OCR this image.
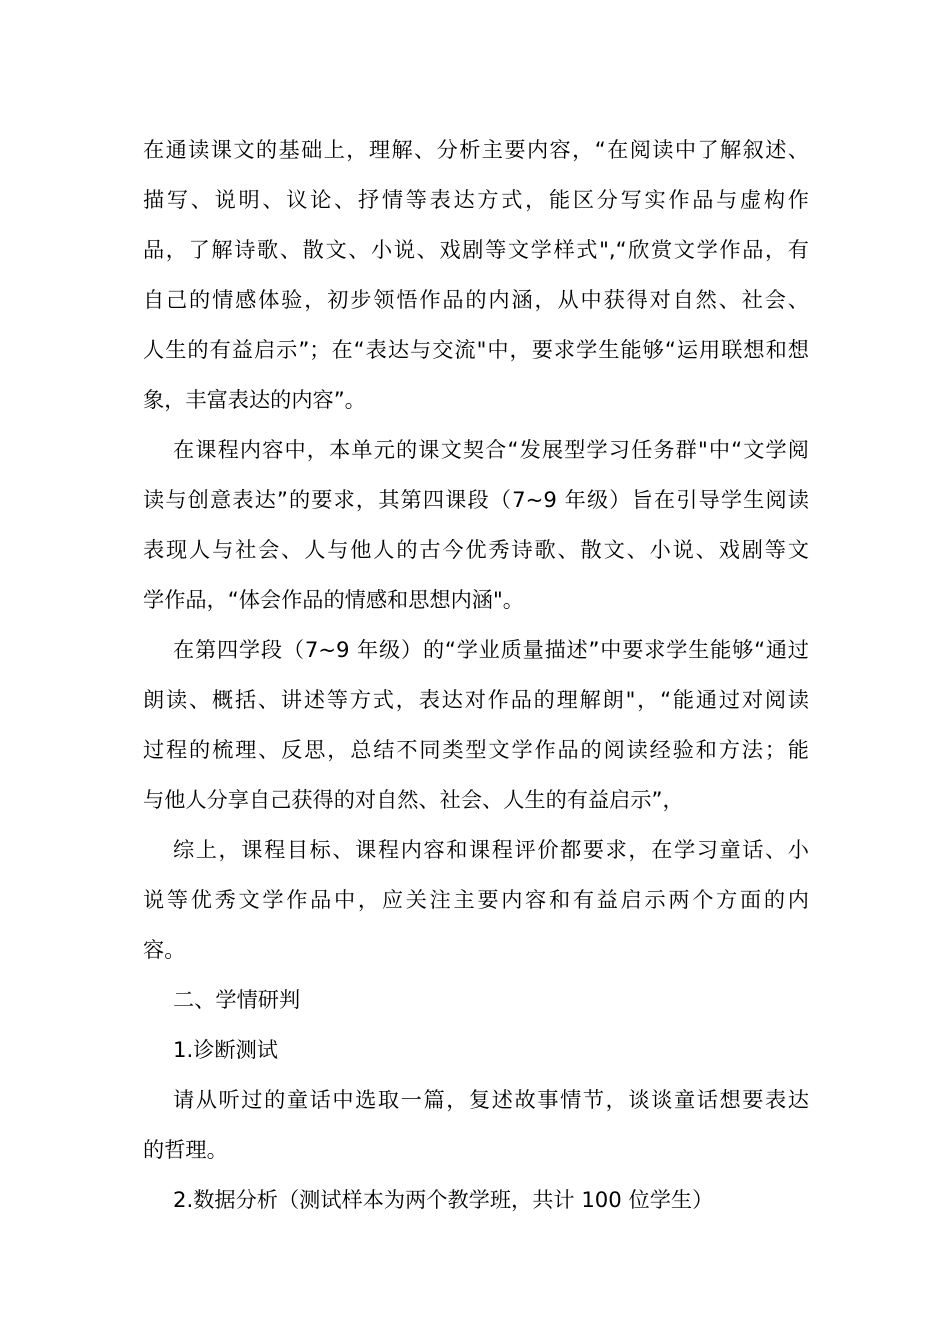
在通读课文的基础上，理解、分析主要内容，“在阅读中了解叙述、
描写、说明、议论、抒情等表达方式，能区分写实作品与虚构作
品，了解诗歌、散文、小说、戏剧等文学样式",“欣赏文学作品，有
自己的情感体验，初步领悟作品的内涵，从中获得对自然、社会、
人生的有益启示”；在“表达与交流"中，要求学生能够“运用联想和想
象，丰富表达的内容”。

在课程内容中，本单元的课文契合“发展型学习任务群"中“文学阅
读与创意表达”的要求，其第四课段（7~9 年级）旨在引导学生阅读
表现人与社会、人与他人的古今优秀诗歌、散文、小说、戏剧等文
学作品，“体会作品的情感和思想内涵"。

在第四学段（7~9 年级）的“学业质量描述”中要求学生能够“通过
朗读、概括、讲述等方式，表达对作品的理解朗"，“能通过对阅读
过程的梳理、反思，总结不同类型文学作品的阅读经验和方法；能
与他人分享自己获得的对自然、社会、人生的有益启示”，

综上，课程目标、课程内容和课程评价都要求，在学习童话、小
说等优秀文学作品中，应关注主要内容和有益启示两个方面的内
容。

二、学情研判

1.诊断测试

请从听过的童话中选取一篇，复述故事情节，谈谈童话想要表达
的哲理。

2.数据分析（测试样本为两个教学班，共计 100 位学生）
